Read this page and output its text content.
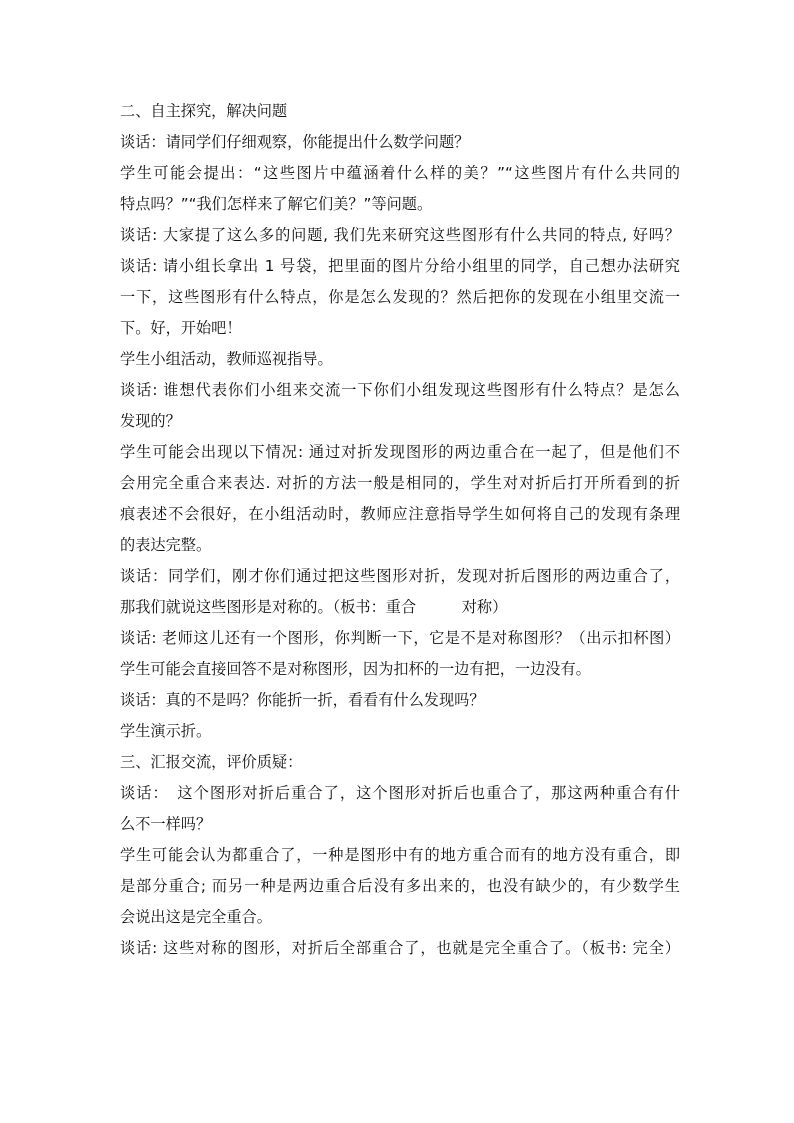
二、自主探究，解决问题
谈话：请同学们仔细观察，你能提出什么数学问题？
学生可能会提出：“这些图片中蕴涵着什么样的美？”“这些图片有什么共同的
特点吗？”“我们怎样来了解它们美？”等问题。
谈话: 大家提了这么多的问题, 我们先来研究这些图形有什么共同的特点, 好吗？
谈话: 请小组长拿出 1 号袋，把里面的图片分给小组里的同学，自己想办法研究
一下，这些图形有什么特点，你是怎么发现的？然后把你的发现在小组里交流一
下。好，开始吧！
学生小组活动，教师巡视指导。
谈话: 谁想代表你们小组来交流一下你们小组发现这些图形有什么特点？是怎么
发现的？
学生可能会出现以下情况: 通过对折发现图形的两边重合在一起了，但是他们不
会用完全重合来表达. 对折的方法一般是相同的，学生对对折后打开所看到的折
痕表述不会很好，在小组活动时，教师应注意指导学生如何将自己的发现有条理
的表达完整。
谈话：同学们，刚才你们通过把这些图形对折，发现对折后图形的两边重合了，
那我们就说这些图形是对称的。（板书：重合　　　对称）
谈话: 老师这儿还有一个图形，你判断一下，它是不是对称图形？（出示扣杯图）
学生可能会直接回答不是对称图形，因为扣杯的一边有把，一边没有。
谈话：真的不是吗？你能折一折，看看有什么发现吗？
学生演示折。
三、汇报交流，评价质疑：
谈话：　这个图形对折后重合了，这个图形对折后也重合了，那这两种重合有什
么不一样吗？
学生可能会认为都重合了，一种是图形中有的地方重合而有的地方没有重合，即
是部分重合; 而另一种是两边重合后没有多出来的，也没有缺少的，有少数学生
会说出这是完全重合。
谈话: 这些对称的图形，对折后全部重合了，也就是完全重合了。（板书: 完全）
